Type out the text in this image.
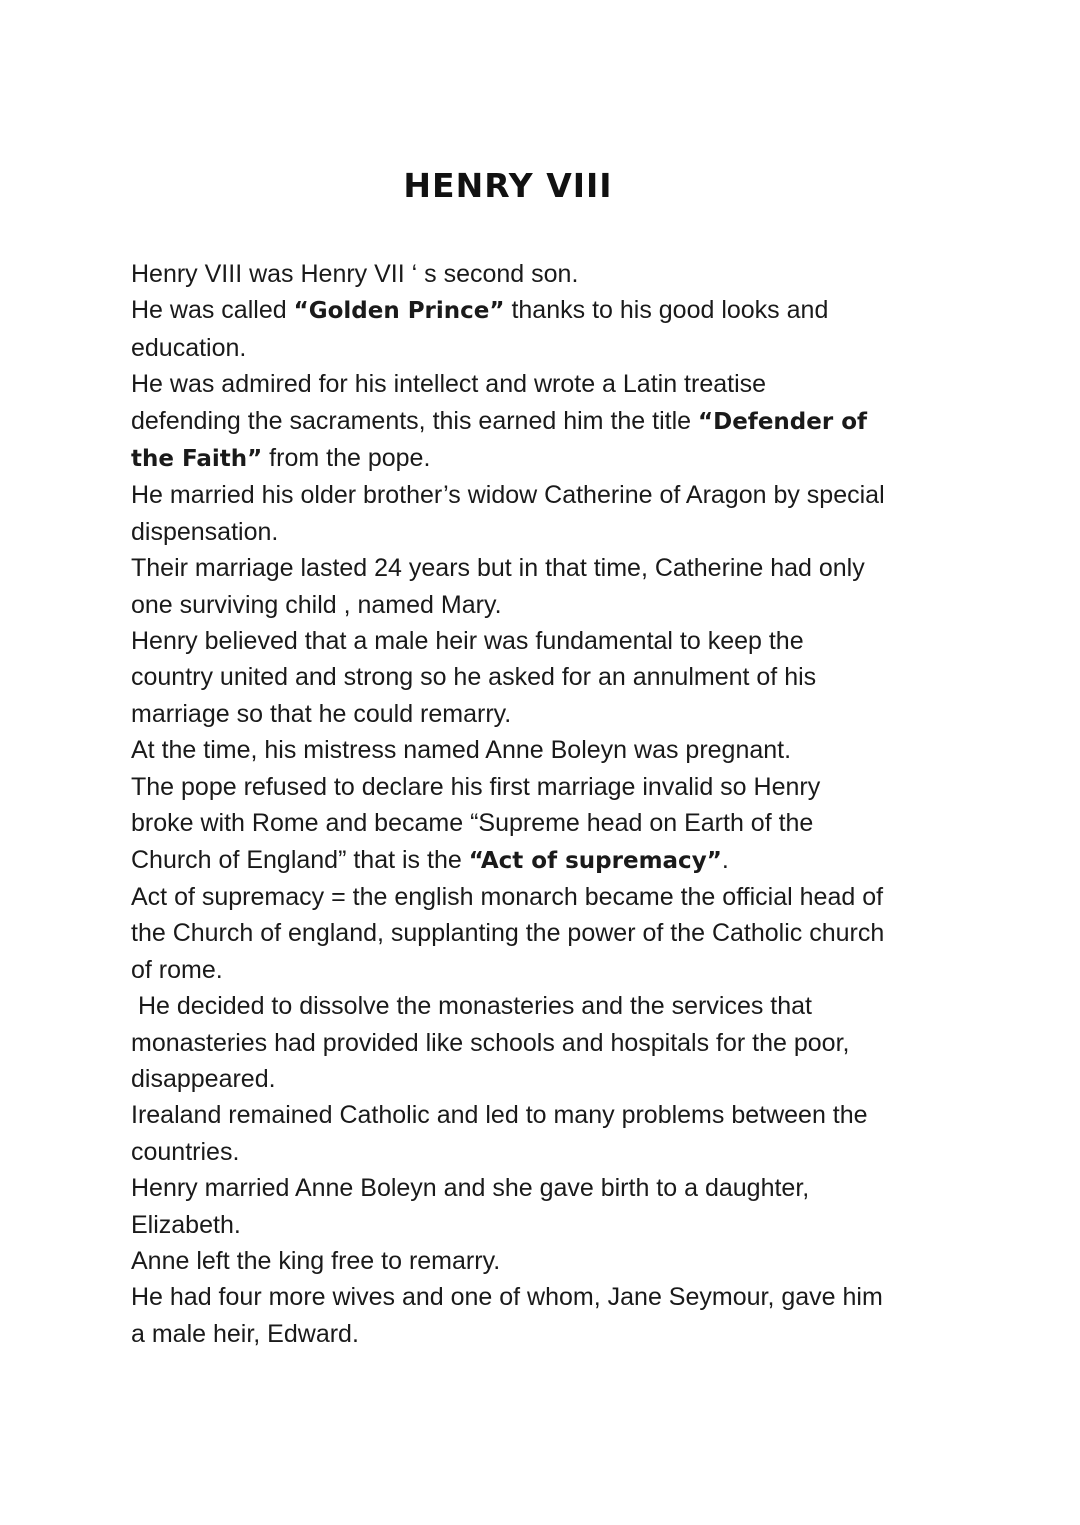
HENRY VIII
Henry VIII was Henry VII ‘ s second son.
He was called “Golden Prince” thanks to his good looks and
education.
He was admired for his intellect and wrote a Latin treatise
defending the sacraments, this earned him the title “Defender of
the Faith” from the pope.
He married his older brother’s widow Catherine of Aragon by special
dispensation.
Their marriage lasted 24 years but in that time, Catherine had only
one surviving child , named Mary.
Henry believed that a male heir was fundamental to keep the
country united and strong so he asked for an annulment of his
marriage so that he could remarry.
At the time, his mistress named Anne Boleyn was pregnant.
The pope refused to declare his first marriage invalid so Henry
broke with Rome and became “Supreme head on Earth of the
Church of England” that is the “Act of supremacy”.
Act of supremacy = the english monarch became the official head of
the Church of england, supplanting the power of the Catholic church
of rome.
He decided to dissolve the monasteries and the services that
monasteries had provided like schools and hospitals for the poor,
disappeared.
Irealand remained Catholic and led to many problems between the
countries.
Henry married Anne Boleyn and she gave birth to a daughter,
Elizabeth.
Anne left the king free to remarry.
He had four more wives and one of whom, Jane Seymour, gave him
a male heir, Edward.
